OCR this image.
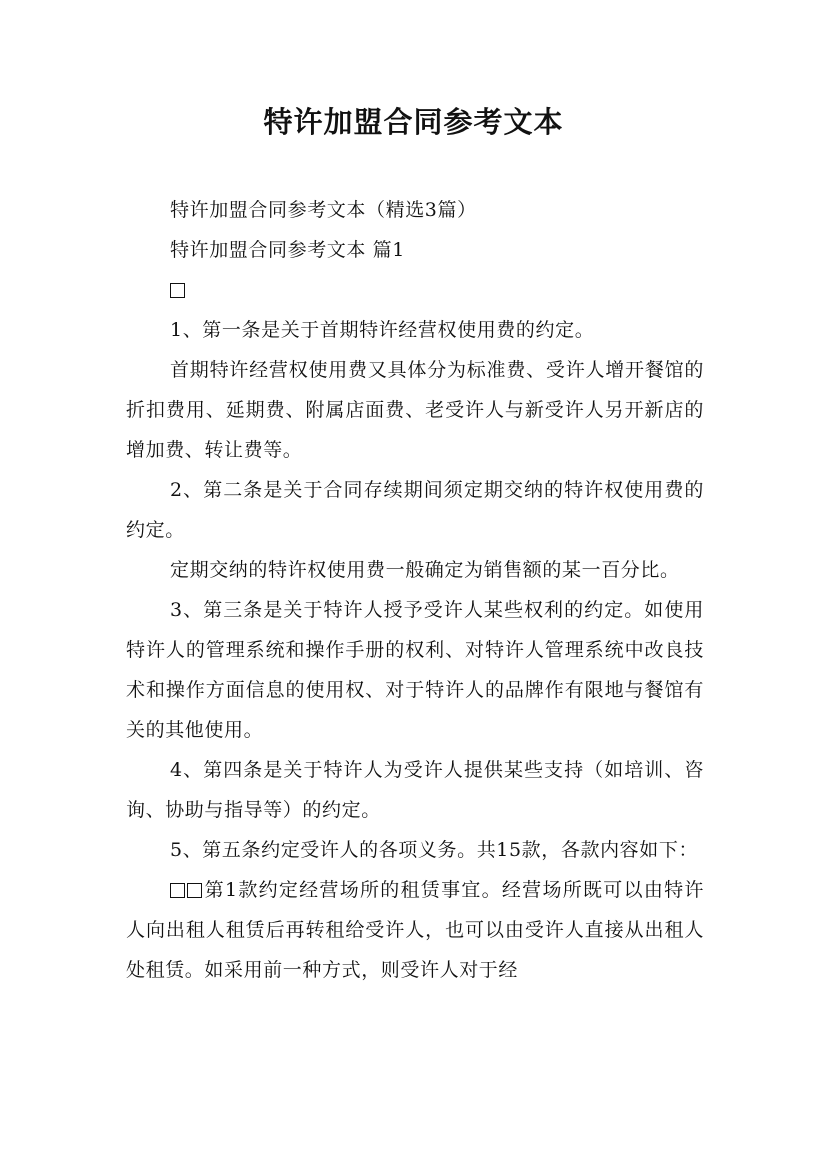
特许加盟合同参考文本

特许加盟合同参考文本（精选3篇）

特许加盟合同参考文本 篇1

1、第一条是关于首期特许经营权使用费的约定。

首期特许经营权使用费又具体分为标准费、受许人增开餐馆的折扣费用、延期费、附属店面费、老受许人与新受许人另开新店的增加费、转让费等。

2、第二条是关于合同存续期间须定期交纳的特许权使用费的约定。

定期交纳的特许权使用费一般确定为销售额的某一百分比。

3、第三条是关于特许人授予受许人某些权利的约定。如使用特许人的管理系统和操作手册的权利、对特许人管理系统中改良技术和操作方面信息的使用权、对于特许人的品牌作有限地与餐馆有关的其他使用。

4、第四条是关于特许人为受许人提供某些支持（如培训、咨询、协助与指导等）的约定。

5、第五条约定受许人的各项义务。共15款，各款内容如下：

第1款约定经营场所的租赁事宜。经营场所既可以由特许人向出租人租赁后再转租给受许人，也可以由受许人直接从出租人处租赁。如采用前一种方式，则受许人对于经
